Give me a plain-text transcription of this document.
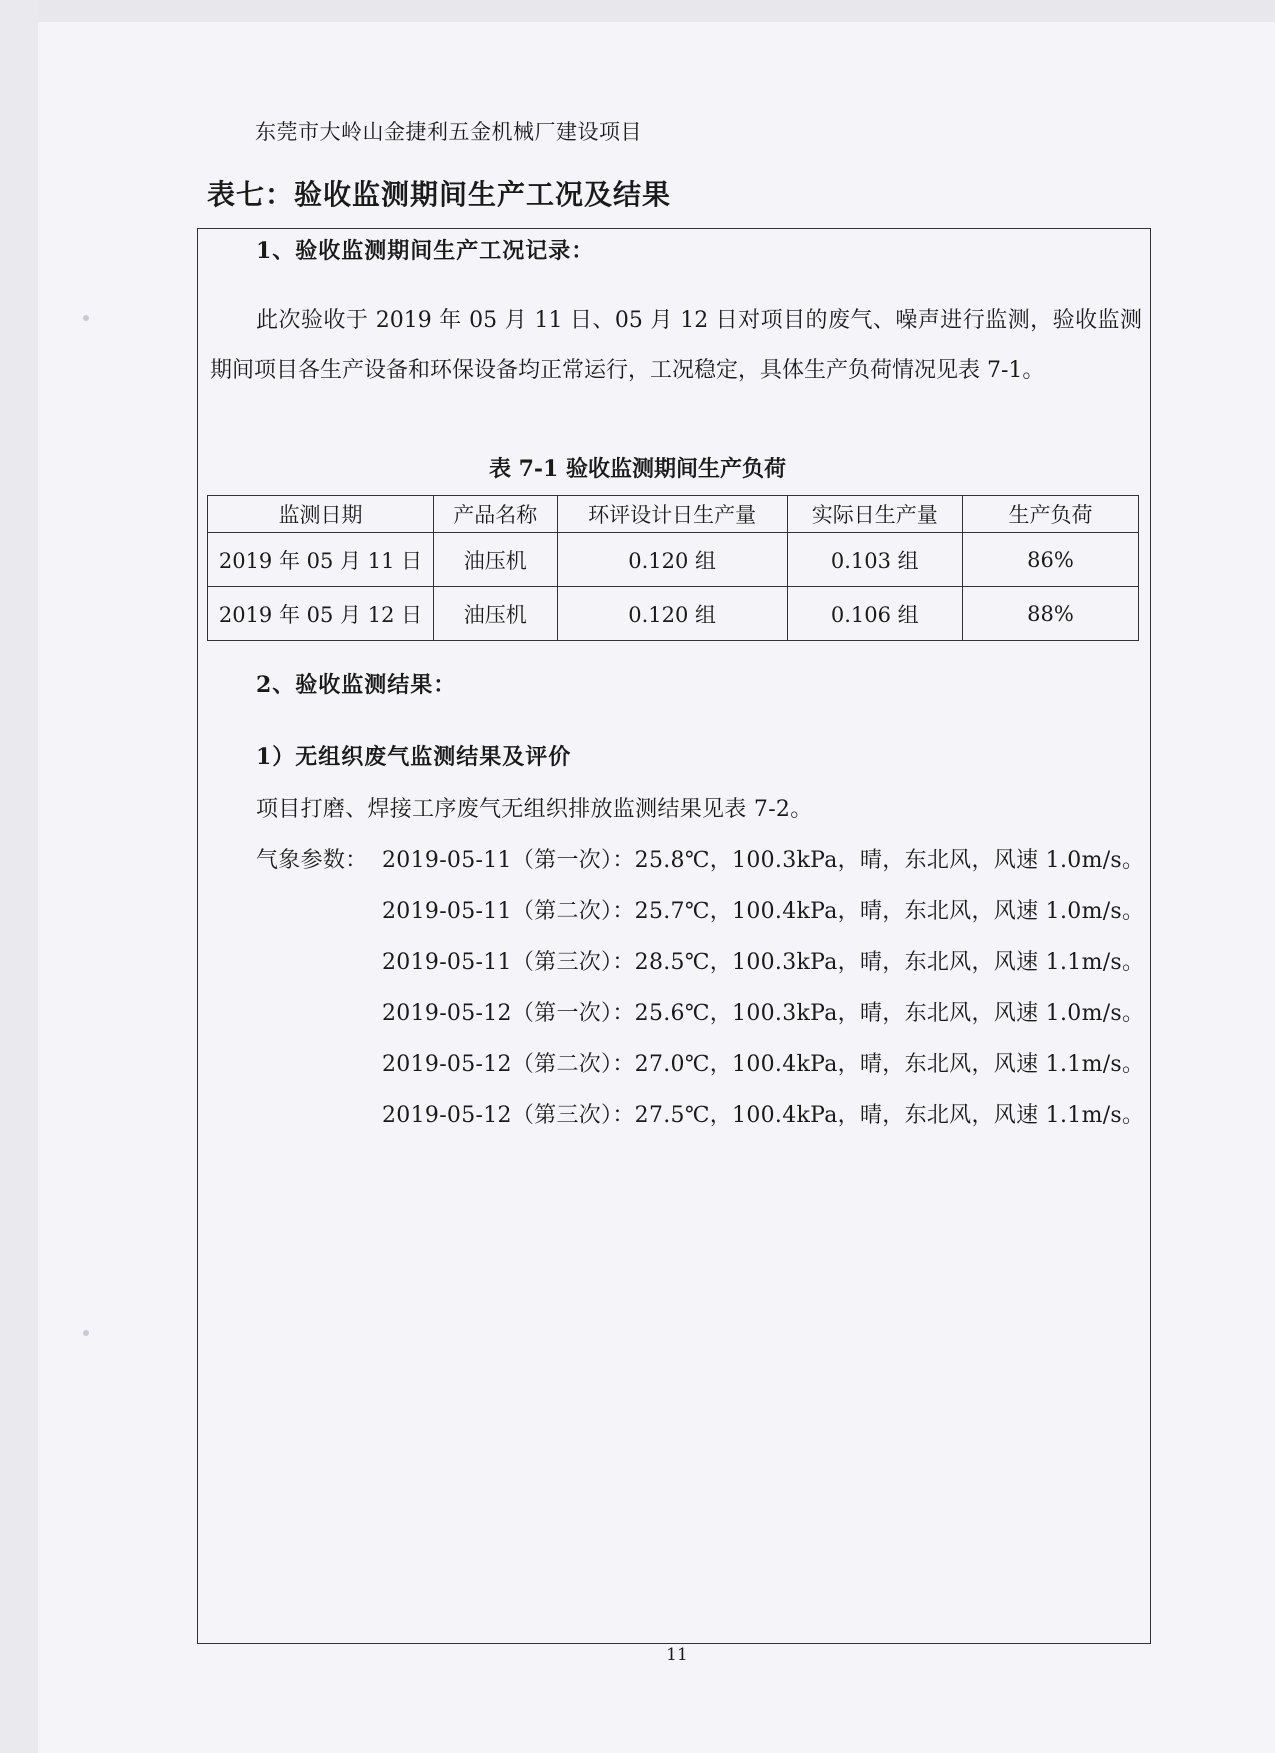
东莞市大岭山金捷利五金机械厂建设项目
表七：验收监测期间生产工况及结果
1、验收监测期间生产工况记录：
此次验收于 2019 年 05 月 11 日、05 月 12 日对项目的废气、噪声进行监测，验收监测期间项目各生产设备和环保设备均正常运行，工况稳定，具体生产负荷情况见表 7-1。
表 7-1 验收监测期间生产负荷
监测日期	产品名称	环评设计日生产量	实际日生产量	生产负荷
2019 年 05 月 11 日	油压机	0.120 组	0.103 组	86%
2019 年 05 月 12 日	油压机	0.120 组	0.106 组	88%
2、验收监测结果：
1）无组织废气监测结果及评价
项目打磨、焊接工序废气无组织排放监测结果见表 7-2。
气象参数： 2019-05-11（第一次）：25.8℃，100.3kPa，晴，东北风，风速 1.0m/s。
2019-05-11（第二次）：25.7℃，100.4kPa，晴，东北风，风速 1.0m/s。
2019-05-11（第三次）：28.5℃，100.3kPa，晴，东北风，风速 1.1m/s。
2019-05-12（第一次）：25.6℃，100.3kPa，晴，东北风，风速 1.0m/s。
2019-05-12（第二次）：27.0℃，100.4kPa，晴，东北风，风速 1.1m/s。
2019-05-12（第三次）：27.5℃，100.4kPa，晴，东北风，风速 1.1m/s。
11
